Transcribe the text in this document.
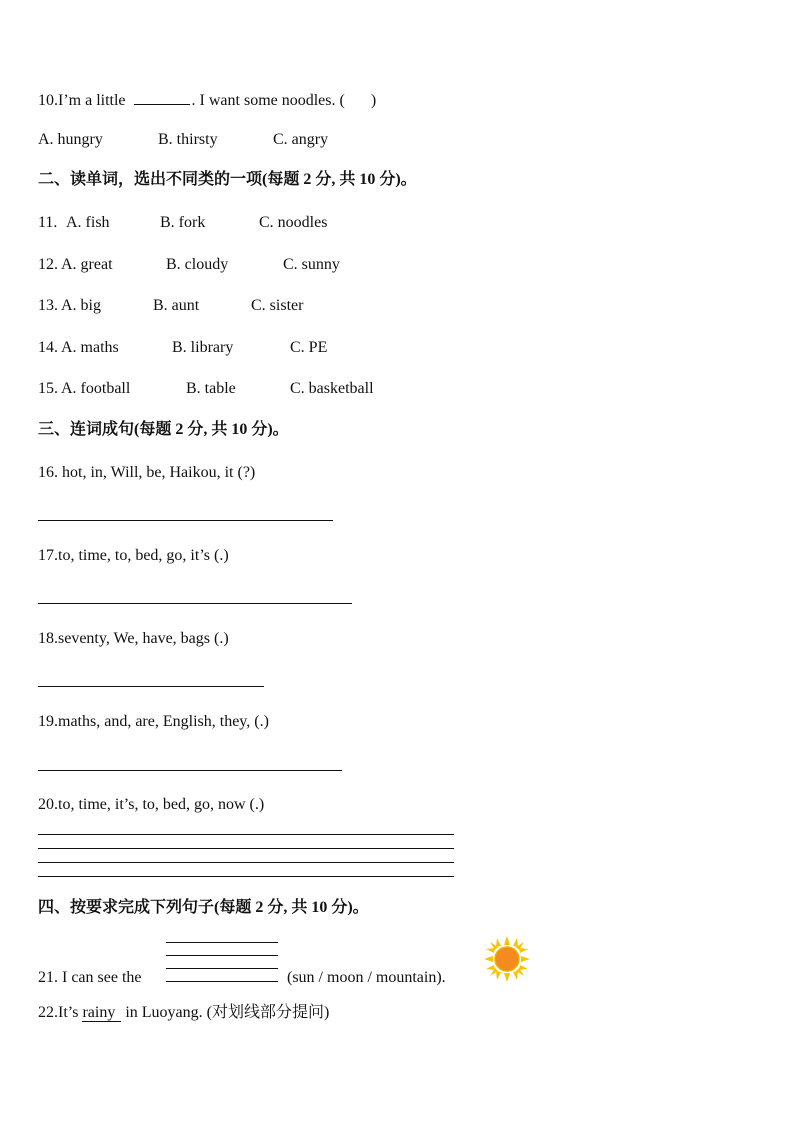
10.I’m a little	. I want some noodles. ( )
A. hungry	B. thirsty	C. angry
二、读单词，选出不同类的一项(每题 2 分, 共 10 分)。
11. A. fish	B. fork	C. noodles
12. A. great	B. cloudy	C. sunny
13. A. big	B. aunt	C. sister
14. A. maths	B. library	C. PE
15. A. football	B. table	C. basketball
三、连词成句(每题 2 分, 共 10 分)。
16. hot, in, Will, be, Haikou, it (?)
17.to, time, to, bed, go, it’s (.)
18.seventy, We, have, bags (.)
19.maths, and, are, English, they, (.)
20.to, time, it’s, to, bed, go, now (.)
四、按要求完成下列句子(每题 2 分, 共 10 分)。
21. I can see the	(sun / moon / mountain).
22.It’s rainy in Luoyang. (对划线部分提问)
